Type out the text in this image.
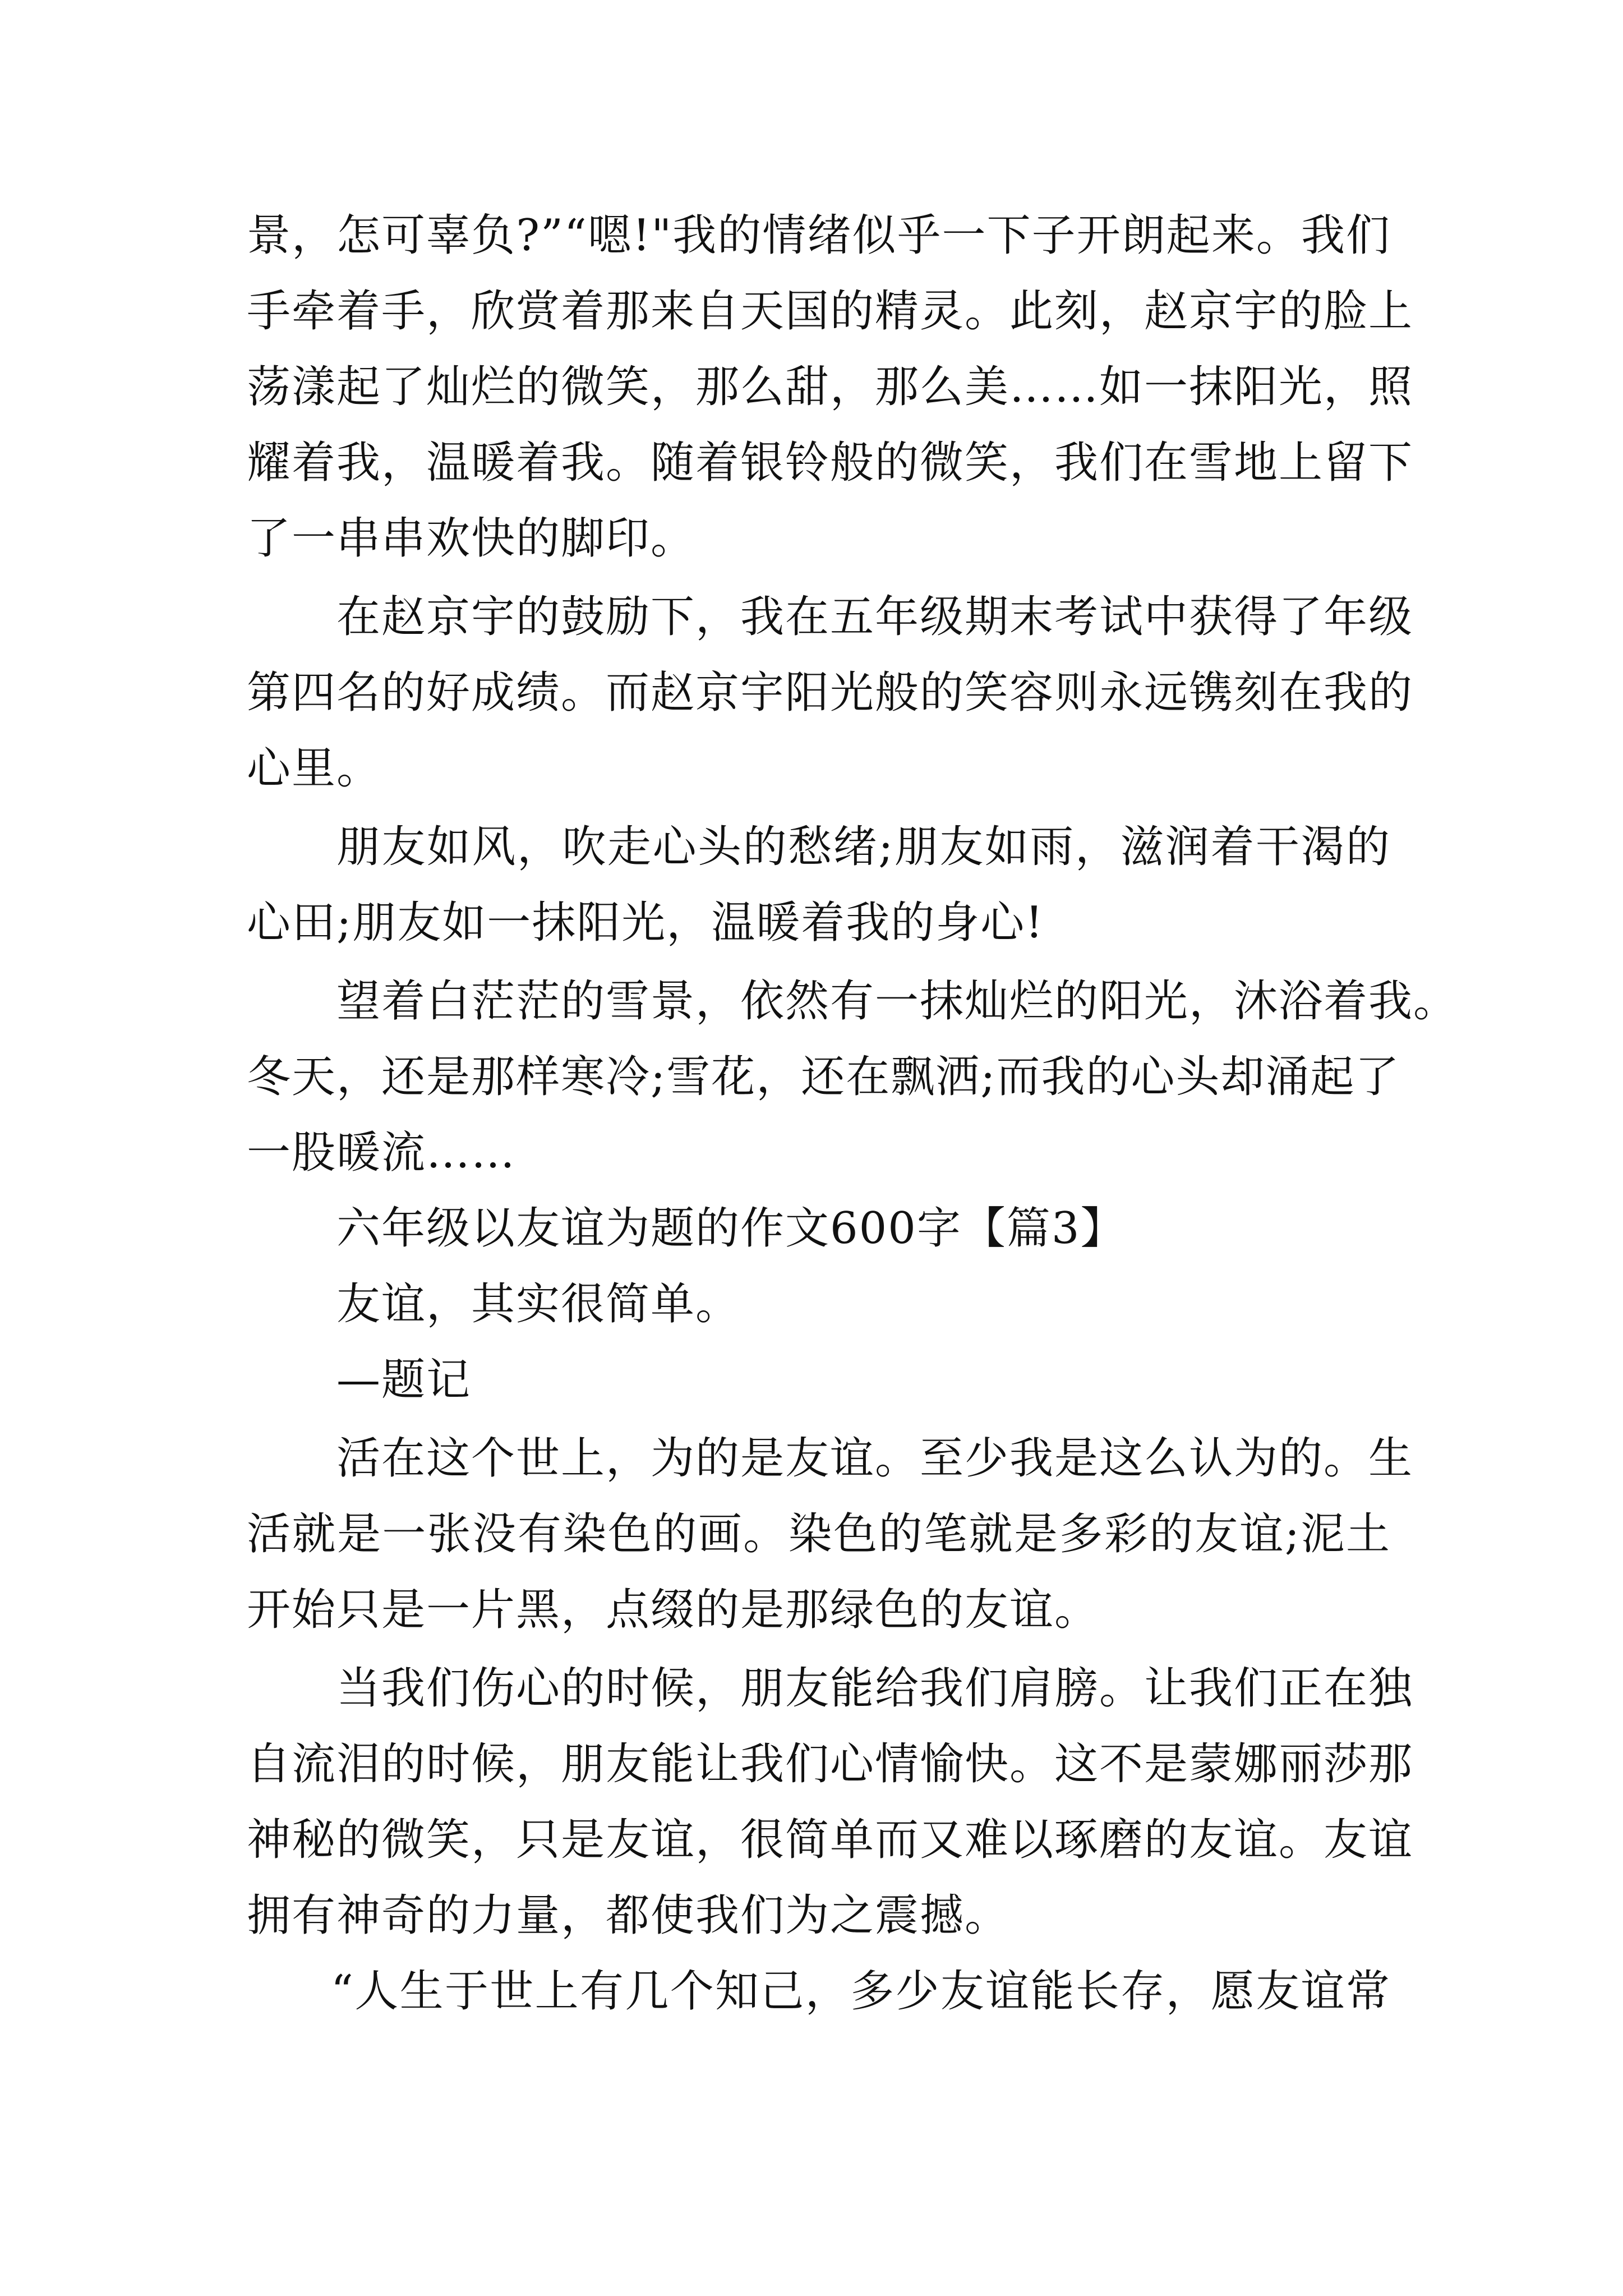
景，怎可辜负?”“嗯!"我的情绪似乎一下子开朗起来。我们
手牵着手，欣赏着那来自天国的精灵。此刻，赵京宇的脸上
荡漾起了灿烂的微笑，那么甜，那么美……如一抹阳光，照
耀着我，温暖着我。随着银铃般的微笑，我们在雪地上留下
了一串串欢快的脚印。
在赵京宇的鼓励下，我在五年级期末考试中获得了年级
第四名的好成绩。而赵京宇阳光般的笑容则永远镌刻在我的
心里。
朋友如风，吹走心头的愁绪;朋友如雨，滋润着干渴的
心田;朋友如一抹阳光，温暖着我的身心!
望着白茫茫的雪景，依然有一抹灿烂的阳光，沐浴着我。
冬天，还是那样寒冷;雪花，还在飘洒;而我的心头却涌起了
一股暖流……
六年级以友谊为题的作文600字【篇3】
友谊，其实很简单。
—题记
活在这个世上，为的是友谊。至少我是这么认为的。生
活就是一张没有染色的画。染色的笔就是多彩的友谊;泥土
开始只是一片黑，点缀的是那绿色的友谊。
当我们伤心的时候，朋友能给我们肩膀。让我们正在独
自流泪的时候，朋友能让我们心情愉快。这不是蒙娜丽莎那
神秘的微笑，只是友谊，很简单而又难以琢磨的友谊。友谊
拥有神奇的力量，都使我们为之震撼。
“人生于世上有几个知己，多少友谊能长存，愿友谊常
